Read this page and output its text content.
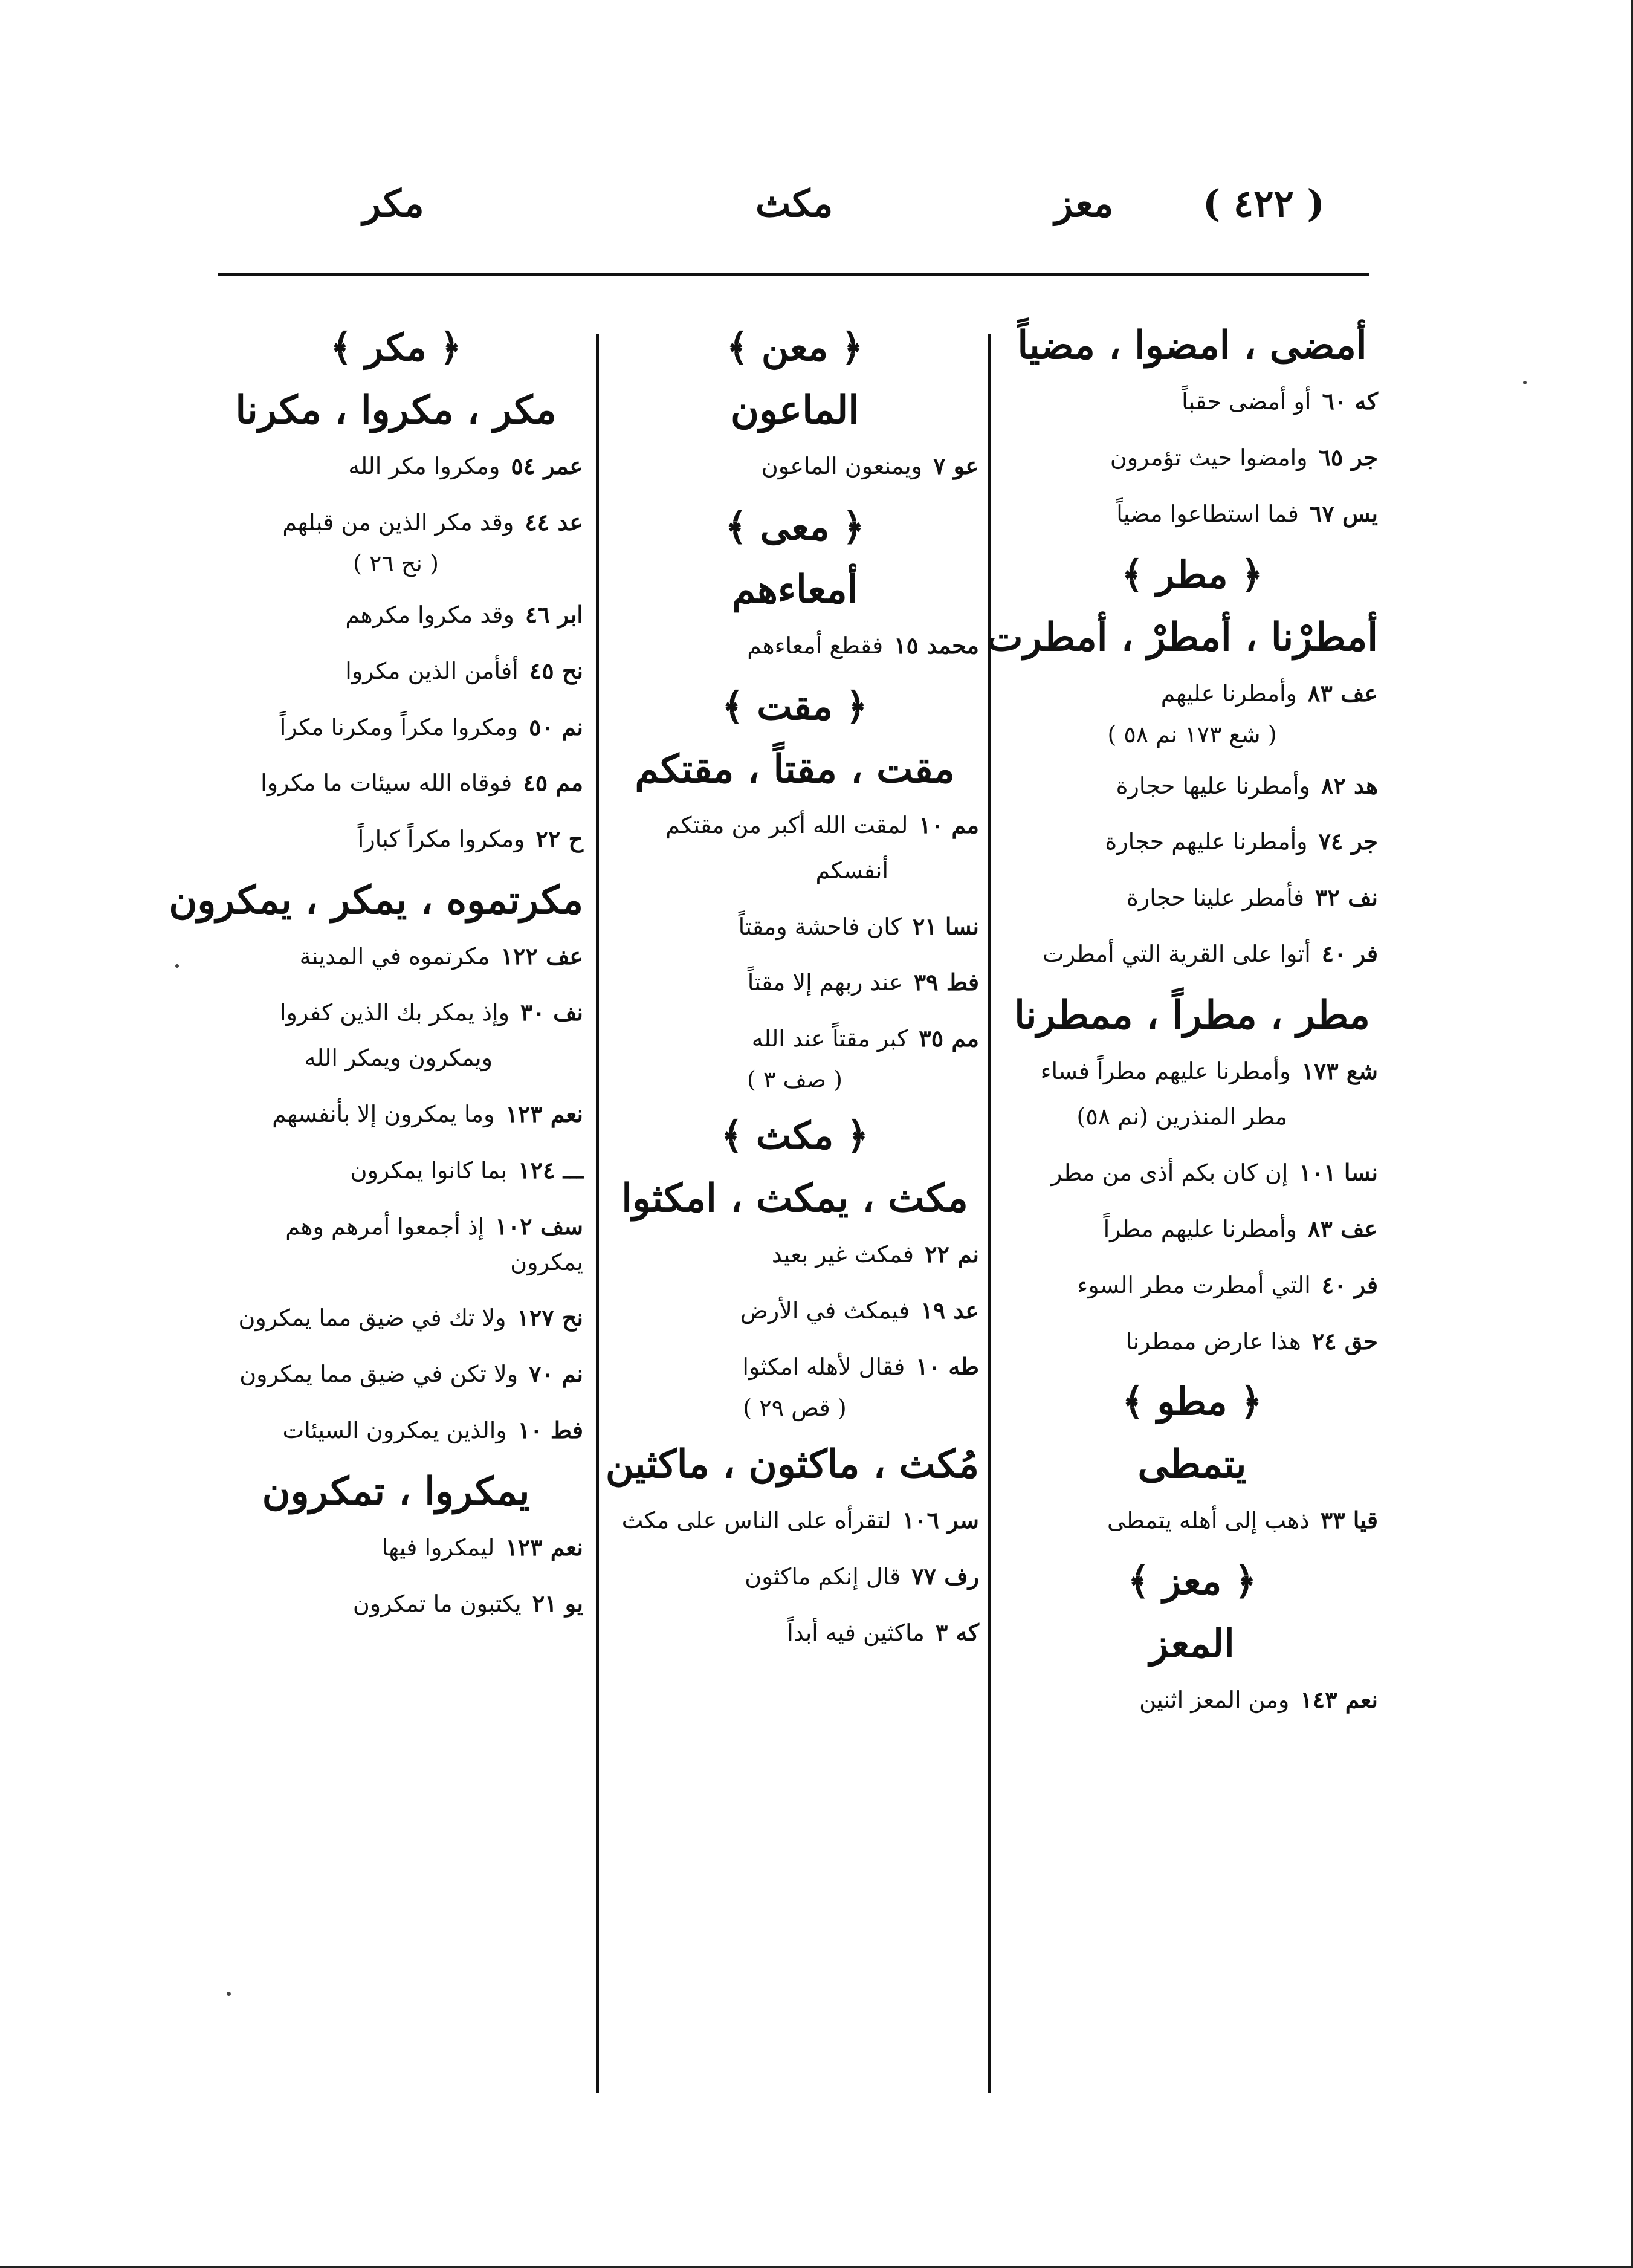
( ٤٢٢ )
معز
مكث
مكر
أمضى ، امضوا ، مضياً
كه ٦٠أو أمضى حقباً
جر ٦٥وامضوا حيث تؤمرون
يس ٦٧فما استطاعوا مضياً
﴿ مطر ﴾
أمطرْنا ، أمطرْ ، أمطرت
عف ٨٣وأمطرنا عليهم
( شع ١٧٣ نم ٥٨ )
هد ٨٢وأمطرنا عليها حجارة
جر ٧٤وأمطرنا عليهم حجارة
نف ٣٢فأمطر علينا حجارة
فر ٤٠أتوا على القرية التي أمطرت
مطر ، مطراً ، ممطرنا
شع ١٧٣وأمطرنا عليهم مطراً فساء
مطر المنذرين (نم ٥٨)
نسا ١٠١إن كان بكم أذى من مطر
عف ٨٣وأمطرنا عليهم مطراً
فر ٤٠التي أمطرت مطر السوء
حق ٢٤هذا عارض ممطرنا
﴿ مطو ﴾
يتمطى
قيا ٣٣ذهب إلى أهله يتمطى
﴿ معز ﴾
المعز
نعم ١٤٣ومن المعز اثنين
﴿ معن ﴾
الماعون
عو ٧ويمنعون الماعون
﴿ معى ﴾
أمعاءهم
محمد ١٥فقطع أمعاءهم
﴿ مقت ﴾
مقت ، مقتاً ، مقتكم
مم ١٠لمقت الله أكبر من مقتكم
أنفسكم
نسا ٢١كان فاحشة ومقتاً
فط ٣٩عند ربهم إلا مقتاً
مم ٣٥كبر مقتاً عند الله
( صف ٣ )
﴿ مكث ﴾
مكث ، يمكث ، امكثوا
نم ٢٢فمكث غير بعيد
عد ١٩فيمكث في الأرض
طه ١٠فقال لأهله امكثوا
( قص ٢٩ )
مُكث ، ماكثون ، ماكثين
سر ١٠٦لتقرأه على الناس على مكث
رف ٧٧قال إنكم ماكثون
كه ٣ماكثين فيه أبداً
﴿ مكر ﴾
مكر ، مكروا ، مكرنا
عمر ٥٤ومكروا مكر الله
عد ٤٤وقد مكر الذين من قبلهم
( نح ٢٦ )
ابر ٤٦وقد مكروا مكرهم
نح ٤٥أفأمن الذين مكروا
نم ٥٠ومكروا مكراً ومكرنا مكراً
مم ٤٥فوقاه الله سيئات ما مكروا
ح ٢٢ومكروا مكراً كباراً
مكرتموه ، يمكر ، يمكرون
عف ١٢٢مكرتموه في المدينة
نف ٣٠وإذ يمكر بك الذين كفروا
ويمكرون ويمكر الله
نعم ١٢٣وما يمكرون إلا بأنفسهم
ـــ ١٢٤بما كانوا يمكرون
سف ١٠٢إذ أجمعوا أمرهم وهم يمكرون
نح ١٢٧ولا تك في ضيق مما يمكرون
نم ٧٠ولا تكن في ضيق مما يمكرون
فط ١٠والذين يمكرون السيئات
يمكروا ، تمكرون
نعم ١٢٣ليمكروا فيها
يو ٢١يكتبون ما تمكرون
